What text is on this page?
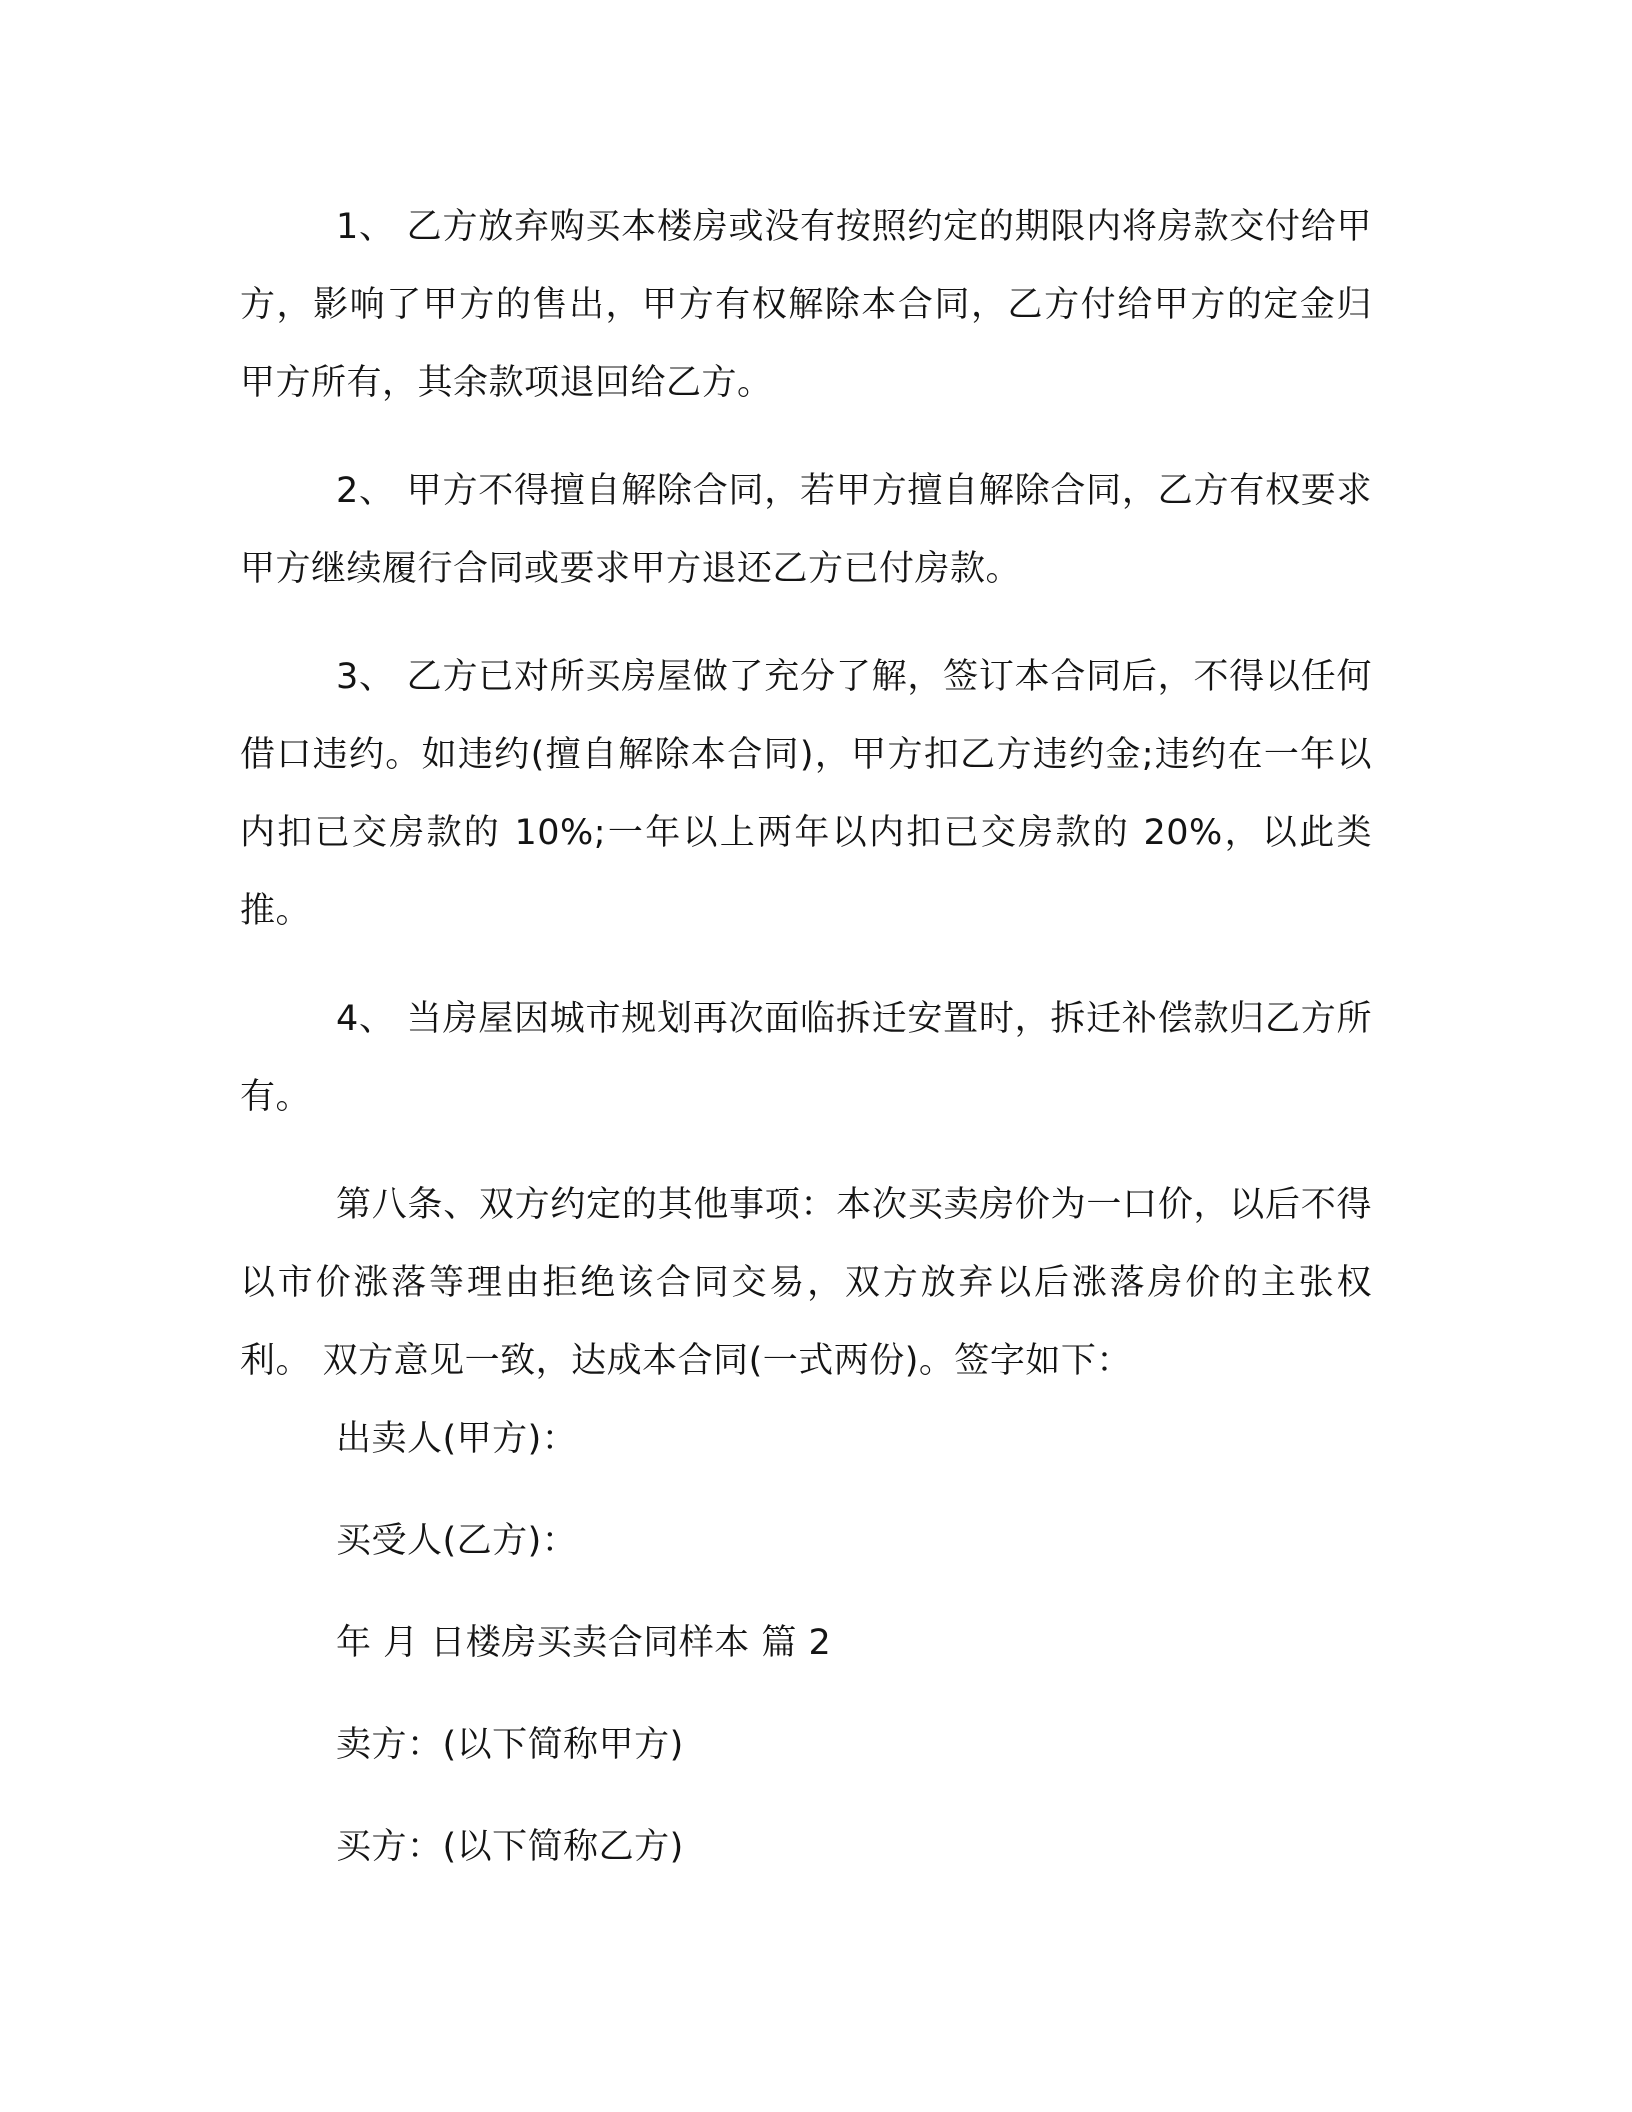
1、 乙方放弃购买本楼房或没有按照约定的期限内将房款交付给甲方，影响了甲方的售出，甲方有权解除本合同，乙方付给甲方的定金归甲方所有，其余款项退回给乙方。

2、 甲方不得擅自解除合同，若甲方擅自解除合同，乙方有权要求甲方继续履行合同或要求甲方退还乙方已付房款。

3、 乙方已对所买房屋做了充分了解，签订本合同后，不得以任何借口违约。如违约(擅自解除本合同)，甲方扣乙方违约金;违约在一年以内扣已交房款的 10%;一年以上两年以内扣已交房款的 20%，以此类推。

4、 当房屋因城市规划再次面临拆迁安置时，拆迁补偿款归乙方所有。

第八条、双方约定的其他事项：本次买卖房价为一口价，以后不得以市价涨落等理由拒绝该合同交易，双方放弃以后涨落房价的主张权利。 双方意见一致，达成本合同(一式两份)。签字如下：

出卖人(甲方)：

买受人(乙方)：

年 月 日楼房买卖合同样本 篇 2

卖方：(以下简称甲方)

买方：(以下简称乙方)
